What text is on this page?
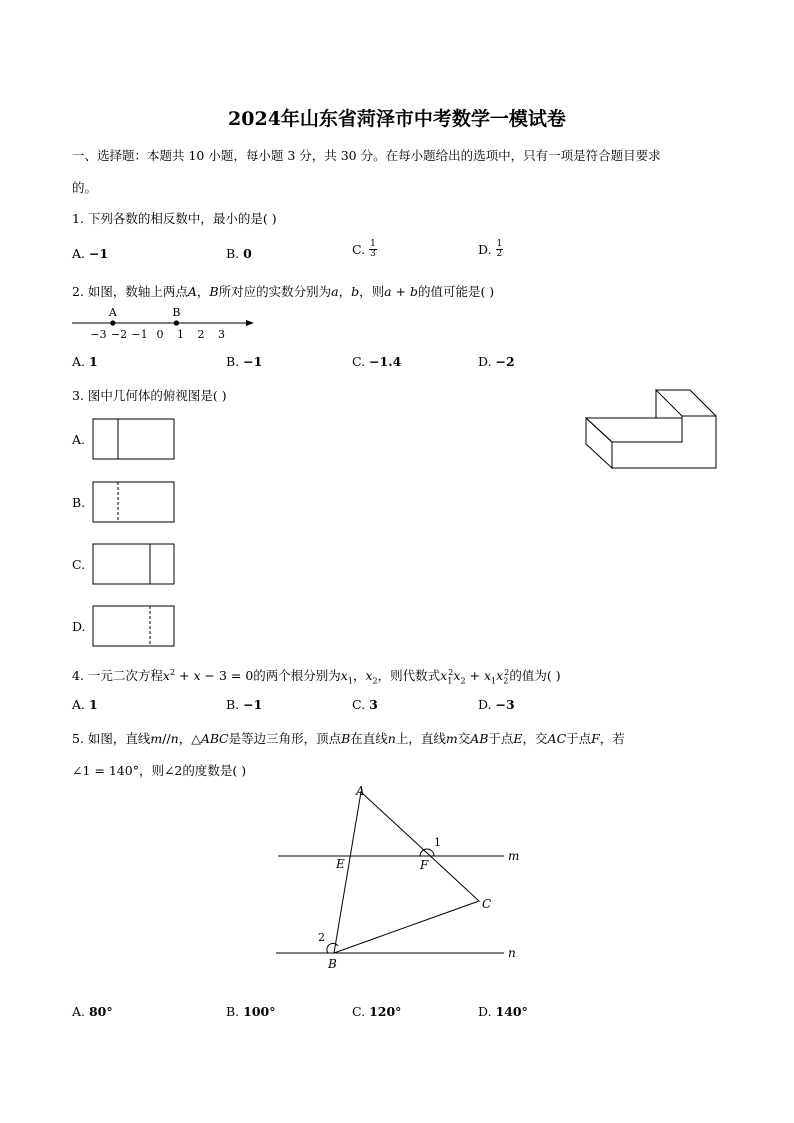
2024年山东省菏泽市中考数学一模试卷
一、选择题：本题共 10 小题，每小题 3 分，共 30 分。在每小题给出的选项中，只有一项是符合题目要求
的。
1. 下列各数的相反数中，最小的是( )
A. −1	B. 0	C. $\frac{1}{3}$	D. $\frac{1}{2}$
2. 如图，数轴上两点𝐴，𝐵所对应的实数分别为𝑎，𝑏，则𝑎 + 𝑏的值可能是( )
−3 −2 −1 0 1 2 3
A	B
A. 1	B. −1	C. −1.4	D. −2
3. 图中几何体的俯视图是( )
A.
B.
C.
D.
4. 一元二次方程$x^2 + x - 3 = 0$的两个根分别为$x_1$，$x_2$，则代数式$x_1^2x_2 + x_1x_2^2$的值为( )
A. 1	B. −1	C. 3	D. −3
5. 如图，直线𝑚//𝑛，△𝐴𝐵𝐶是等边三角形，顶点𝐵在直线𝑛上，直线𝑚交𝐴𝐵于点𝐸，交𝐴𝐶于点𝐹，若
∠1 = 140°，则∠2的度数是( )
A
B
C
E	F
m
n
1
2
A. 80°	B. 100°	C. 120°	D. 140°
